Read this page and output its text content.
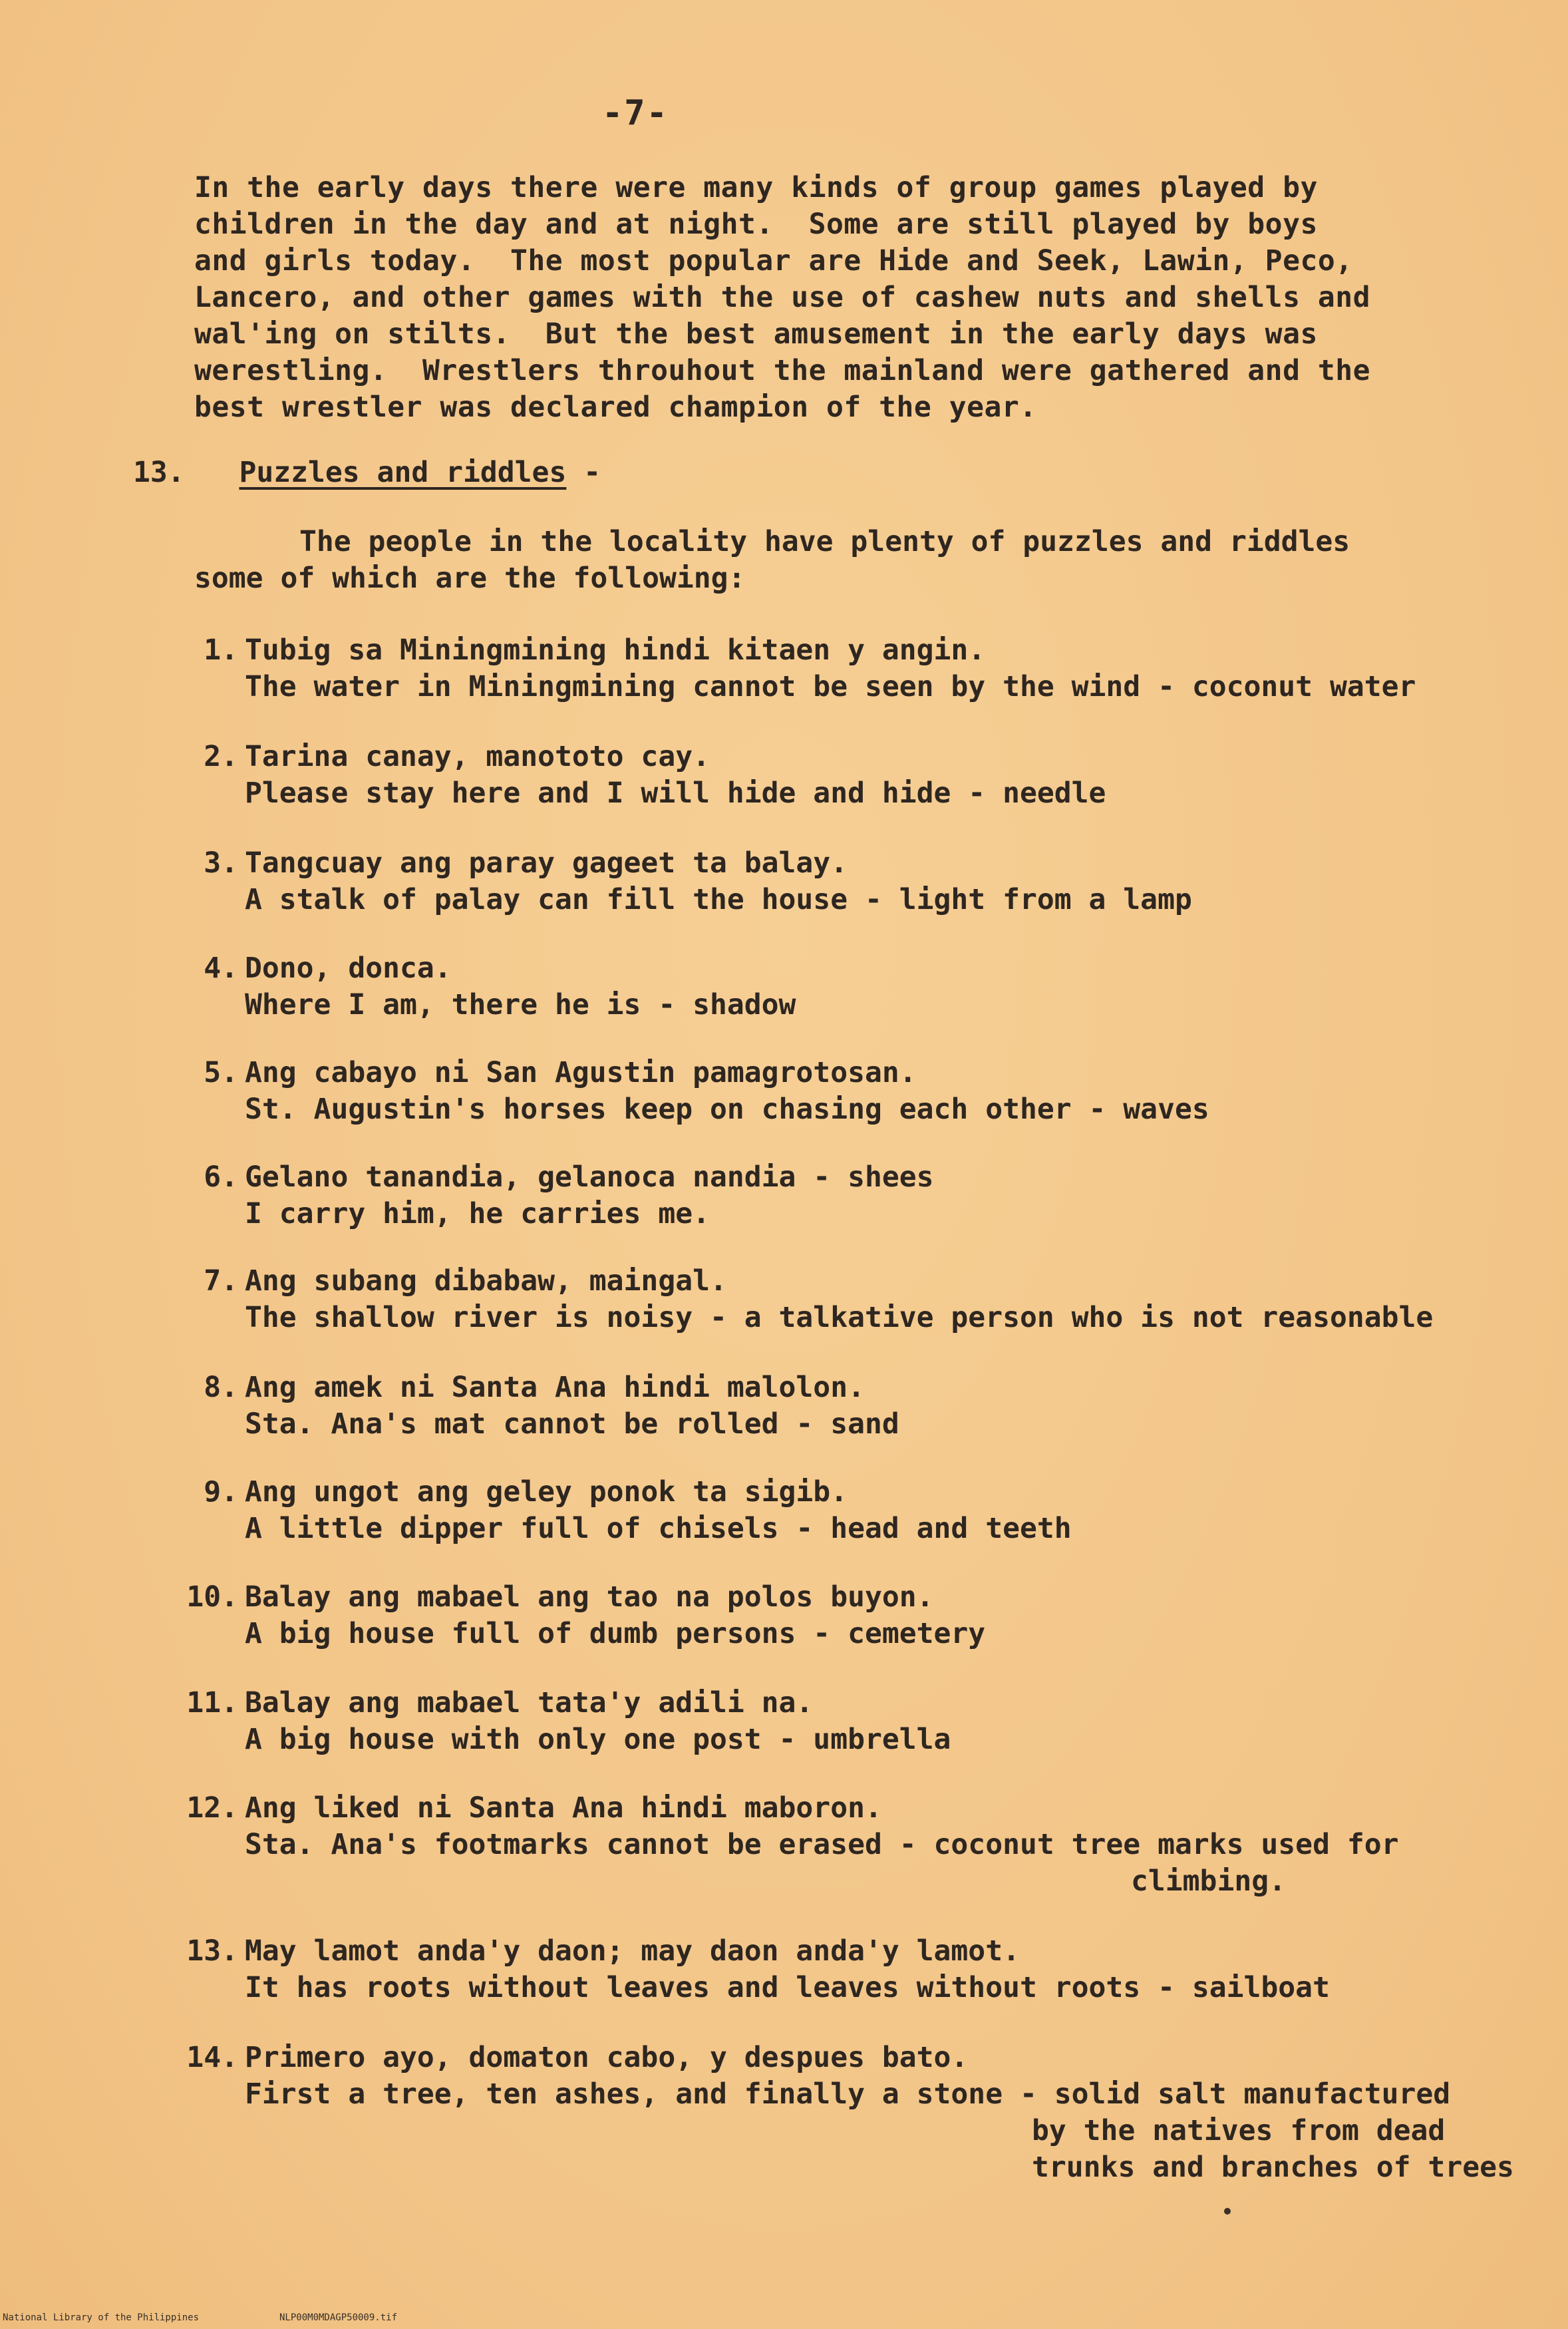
-7-
In the early days there were many kinds of group games played by
children in the day and at night.  Some are still played by boys
and girls today.  The most popular are Hide and Seek, Lawin, Peco,
Lancero, and other games with the use of cashew nuts and shells and
wal'ing on stilts.  But the best amusement in the early days was
werestling.  Wrestlers throuhout the mainland were gathered and the
best wrestler was declared champion of the year.
13. Puzzles and riddles -
The people in the locality have plenty of puzzles and riddles
some of which are the following:
1. Tubig sa Miningmining hindi kitaen y angin.
The water in Miningmining cannot be seen by the wind - coconut water
2. Tarina canay, manototo cay.
Please stay here and I will hide and hide - needle
3. Tangcuay ang paray gageet ta balay.
A stalk of palay can fill the house - light from a lamp
4. Dono, donca.
Where I am, there he is - shadow
5. Ang cabayo ni San Agustin pamagrotosan.
St. Augustin's horses keep on chasing each other - waves
6. Gelano tanandia, gelanoca nandia - shees
I carry him, he carries me.
7. Ang subang dibabaw, maingal.
The shallow river is noisy - a talkative person who is not reasonable
8. Ang amek ni Santa Ana hindi malolon.
Sta. Ana's mat cannot be rolled - sand
9. Ang ungot ang geley ponok ta sigib.
A little dipper full of chisels - head and teeth
10. Balay ang mabael ang tao na polos buyon.
A big house full of dumb persons - cemetery
11. Balay ang mabael tata'y adili na.
A big house with only one post - umbrella
12. Ang liked ni Santa Ana hindi maboron.
Sta. Ana's footmarks cannot be erased - coconut tree marks used for
climbing.
13. May lamot anda'y daon; may daon anda'y lamot.
It has roots without leaves and leaves without roots - sailboat
14. Primero ayo, domaton cabo, y despues bato.
First a tree, ten ashes, and finally a stone - solid salt manufactured
by the natives from dead
trunks and branches of trees
National Library of the Philippines	NLP00M0MDAGP50009.tif
